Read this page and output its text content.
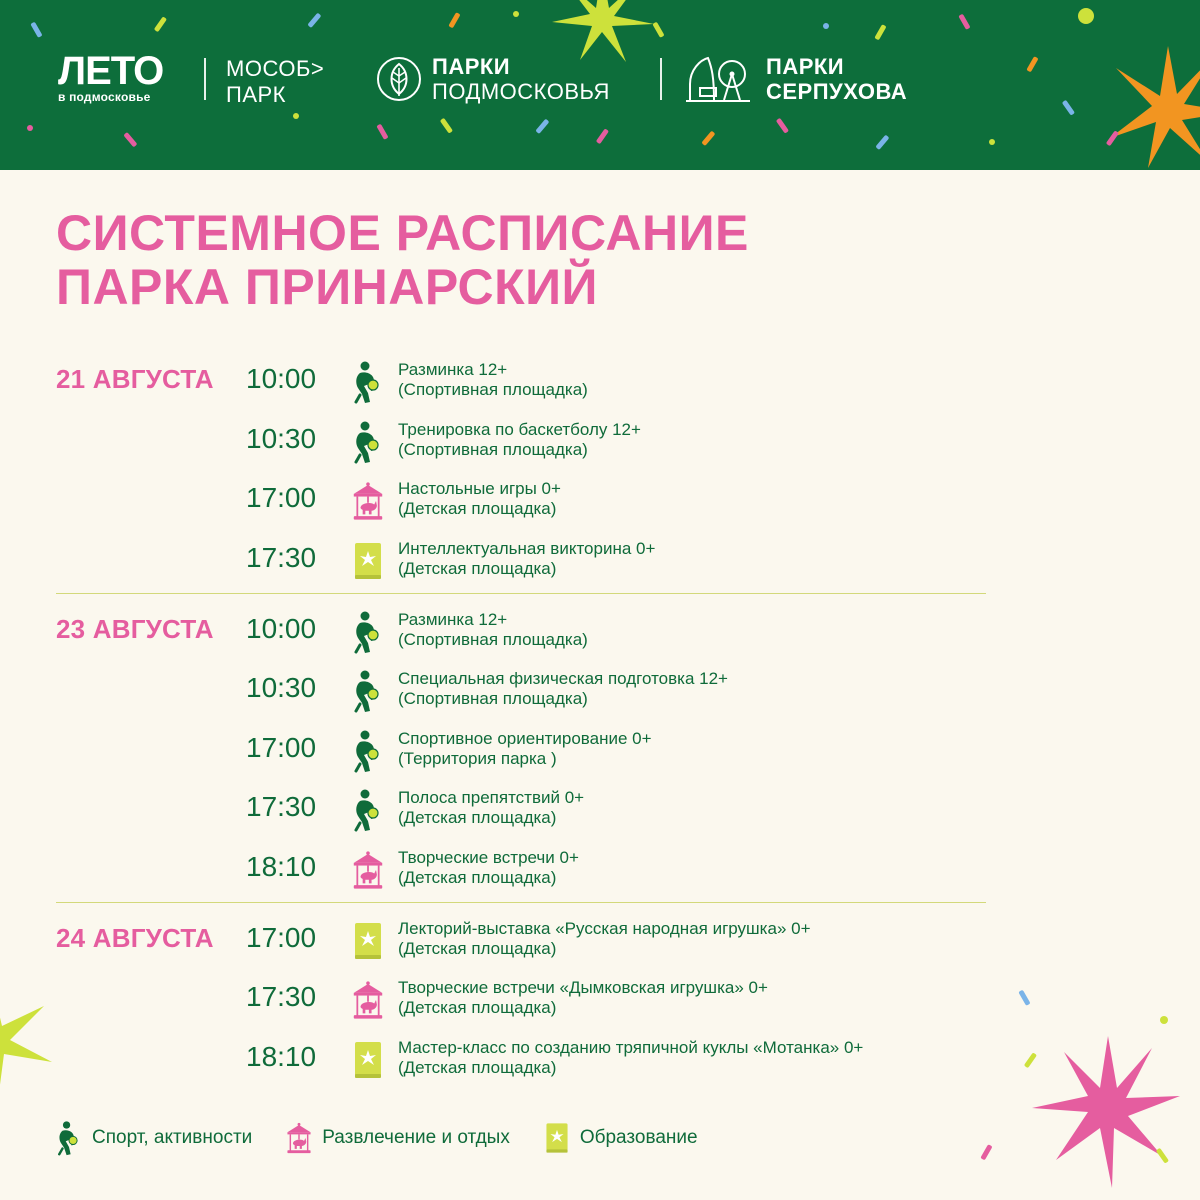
ЛЕТО
в подмосковье
МОСОБ>
ПАРК
ПАРКИ
ПОДМОСКОВЬЯ
ПАРКИ
СЕРПУХОВА
СИСТЕМНОЕ РАСПИСАНИЕ
ПАРКА ПРИНАРСКИЙ
21 АВГУСТА 10:00	Разминка 12+
(Спортивная площадка)
10:30	Тренировка по баскетболу 12+
(Спортивная площадка)
17:00	Настольные игры 0+
(Детская площадка)
17:30	Интеллектуальная викторина 0+
(Детская площадка)
23 АВГУСТА 10:00	Разминка 12+
(Спортивная площадка)
10:30	Специальная физическая подготовка 12+
(Спортивная площадка)
17:00	Спортивное ориентирование 0+
(Территория парка )
17:30	Полоса препятствий 0+
(Детская площадка)
18:10	Творческие встречи 0+
(Детская площадка)
24 АВГУСТА 17:00	Лекторий-выставка «Русская народная игрушка» 0+
(Детская площадка)
17:30	Творческие встречи «Дымковская игрушка» 0+
(Детская площадка)
18:10	Мастер-класс по созданию тряпичной куклы «Мотанка» 0+
(Детская площадка)
Спорт, активности	Развлечение и отдых	Образование
